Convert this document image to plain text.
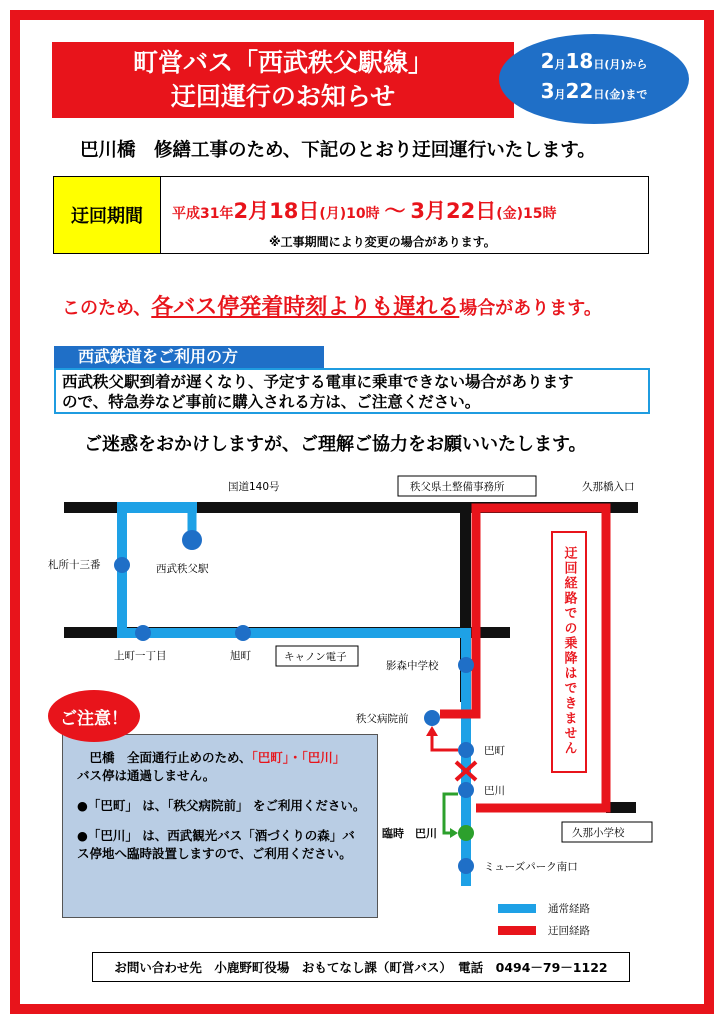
町営バス「西武秩父駅線」
迂回運行のお知らせ
2月18日(月)から
3月22日(金)まで
巴川橋　修繕工事のため、下記のとおり迂回運行いたします。
迂回期間	平成31年2月18日(月)10時 ～ 3月22日(金)15時
※工事期間により変更の場合があります。
このため、各バス停発着時刻よりも遅れる場合があります。
西武鉄道をご利用の方
西武秩父駅到着が遅くなり、予定する電車に乗車できない場合があります
ので、特急券など事前に購入される方は、ご注意ください。
ご迷惑をおかけしますが、ご理解ご協力をお願いいたします。
迂回経路での乗降はできません
国道140号	秩父県土整備事務所	久那橋入口
札所十三番	西武秩父駅
上町一丁目	旭町	キャノン電子
影森中学校
秩父病院前
巴町
巴川
臨時　巴川
ミューズパーク南口
久那小学校
通常経路
迂回経路

　巴橋　全面通行止めのため、「巴町」・「巴川」
バス停は通過しません。

●「巴町」 は、「秩父病院前」 をご利用ください。

●「巴川」 は、西武観光バス「酒づくりの森」バス停地へ臨時設置しますので、ご利用ください。

ご注意！
お問い合わせ先　小鹿野町役場　おもてなし課（町営バス）　電話　0494－79－1122
